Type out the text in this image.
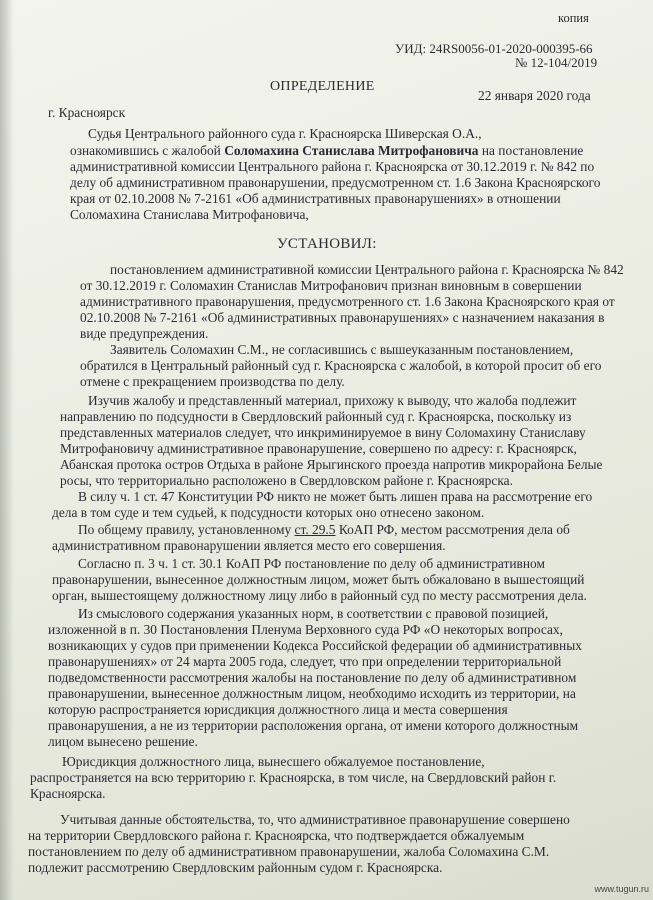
копия
УИД: 24RS0056-01-2020-000395-66
№ 12-104/2019
ОПРЕДЕЛЕНИЕ
г. Красноярск
22 января 2020 года
Судья Центрального районного суда г. Красноярска Шиверская О.А.,
ознакомившись с жалобой Соломахина Станислава Митрофановича на постановление
административной комиссии Центрального района г. Красноярска от 30.12.2019 г. № 842 по
делу об административном правонарушении, предусмотренном ст. 1.6 Закона Красноярского
края от 02.10.2008 № 7-2161 «Об административных правонарушениях» в отношении
Соломахина Станислава Митрофановича,
УСТАНОВИЛ:
постановлением административной комиссии Центрального района г. Красноярска № 842
от 30.12.2019 г. Соломахин Станислав Митрофанович признан виновным в совершении
административного правонарушения, предусмотренного ст. 1.6 Закона Красноярского края от
02.10.2008 № 7-2161 «Об административных правонарушениях» с назначением наказания в
виде предупреждения.
Заявитель Соломахин С.М., не согласившись с вышеуказанным постановлением,
обратился в Центральный районный суд г. Красноярска с жалобой, в которой просит об его
отмене с прекращением производства по делу.
Изучив жалобу и представленный материал, прихожу к выводу, что жалоба подлежит
направлению по подсудности в Свердловский районный суд г. Красноярска, поскольку из
представленных материалов следует, что инкриминируемое в вину Соломахину Станиславу
Митрофановичу административное правонарушение, совершено по адресу: г. Красноярск,
Абанская протока остров Отдыха в районе Ярыгинского проезда напротив микрорайона Белые
росы, что территориально расположено в Свердловском районе г. Красноярска.
В силу ч. 1 ст. 47 Конституции РФ никто не может быть лишен права на рассмотрение его
дела в том суде и тем судьей, к подсудности которых оно отнесено законом.
По общему правилу, установленному ст. 29.5 КоАП РФ, местом рассмотрения дела об
административном правонарушении является место его совершения.
Согласно п. 3 ч. 1 ст. 30.1 КоАП РФ постановление по делу об административном
правонарушении, вынесенное должностным лицом, может быть обжаловано в вышестоящий
орган, вышестоящему должностному лицу либо в районный суд по месту рассмотрения дела.
Из смыслового содержания указанных норм, в соответствии с правовой позицией,
изложенной в п. 30 Постановления Пленума Верховного суда РФ «О некоторых вопросах,
возникающих у судов при применении Кодекса Российской федерации об административных
правонарушениях» от 24 марта 2005 года, следует, что при определении территориальной
подведомственности рассмотрения жалобы на постановление по делу об административном
правонарушении, вынесенное должностным лицом, необходимо исходить из территории, на
которую распространяется юрисдикция должностного лица и места совершения
правонарушения, а не из территории расположения органа, от имени которого должностным
лицом вынесено решение.
Юрисдикция должностного лица, вынесшего обжалуемое постановление,
распространяется на всю территорию г. Красноярска, в том числе, на Свердловский район г.
Красноярска.
Учитывая данные обстоятельства, то, что административное правонарушение совершено
на территории Свердловского района г. Красноярска, что подтверждается обжалуемым
постановлением по делу об административном правонарушении, жалоба Соломахина С.М.
подлежит рассмотрению Свердловским районным судом г. Красноярска.
www.tugun.ru
